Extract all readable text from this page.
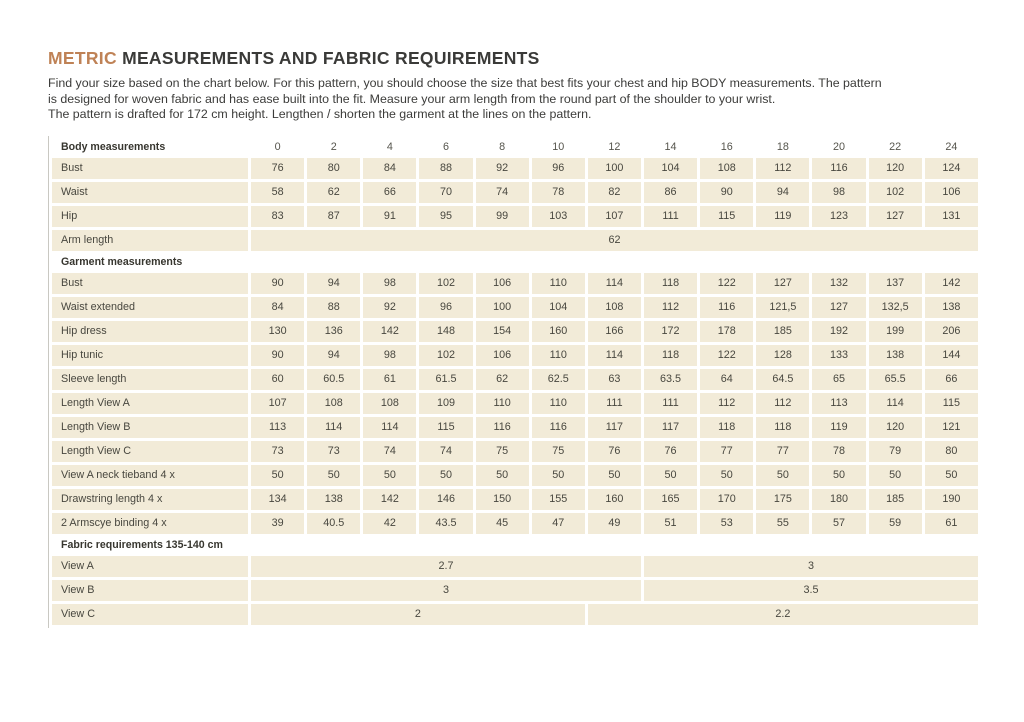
METRIC MEASUREMENTS AND FABRIC REQUIREMENTS
Find your size based on the chart below. For this pattern, you should choose the size that best fits your chest and hip BODY measurements. The pattern
is designed for woven fabric and has ease built into the fit. Measure your arm length from the round part of the shoulder to your wrist.
The pattern is drafted for 172 cm height. Lengthen / shorten the garment at the lines on the pattern.
Body measurements	0	2	4	6	8	10	12	14	16	18	20	22	24
Bust	76	80	84	88	92	96	100	104	108	112	116	120	124
Waist	58	62	66	70	74	78	82	86	90	94	98	102	106
Hip	83	87	91	95	99	103	107	111	115	119	123	127	131
Arm length	62												
Garment measurements													
Bust	90	94	98	102	106	110	114	118	122	127	132	137	142
Waist extended	84	88	92	96	100	104	108	112	116	121,5	127	132,5	138
Hip dress	130	136	142	148	154	160	166	172	178	185	192	199	206
Hip tunic	90	94	98	102	106	110	114	118	122	128	133	138	144
Sleeve length	60	60.5	61	61.5	62	62.5	63	63.5	64	64.5	65	65.5	66
Length View A	107	108	108	109	110	110	111	111	112	112	113	114	115
Length View B	113	114	114	115	116	116	117	117	118	118	119	120	121
Length View C	73	73	74	74	75	75	76	76	77	77	78	79	80
View A neck tieband 4 x	50	50	50	50	50	50	50	50	50	50	50	50	50
Drawstring length 4 x	134	138	142	146	150	155	160	165	170	175	180	185	190
2 Armscye binding 4 x	39	40.5	42	43.5	45	47	49	51	53	55	57	59	61
Fabric requirements 135-140 cm													
View A	2.7							3					
View B	3							3.5					
View C	2						2.2						
